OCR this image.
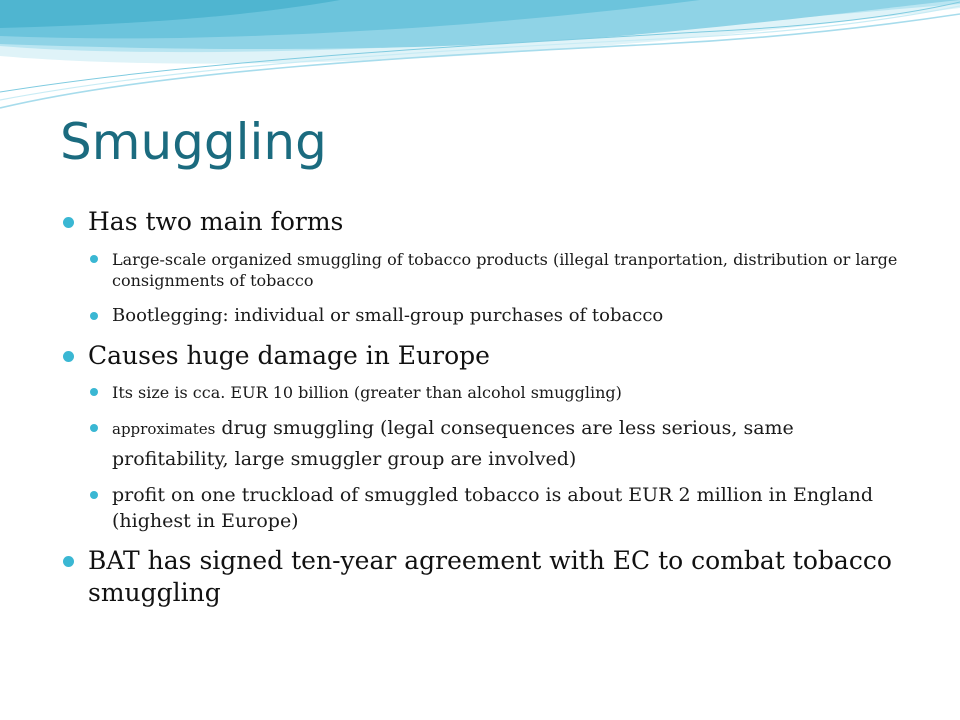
Smuggling
Has two main forms
Large-scale organized smuggling of tobacco products (illegal tranportation, distribution or large consignments of tobacco
Bootlegging: individual or small-group purchases of tobacco
Causes huge damage in Europe
Its size is cca. EUR 10 billion (greater than alcohol smuggling)
approximates drug smuggling (legal consequences are less serious, same profitability, large smuggler group are involved)
profit on one truckload of smuggled tobacco is about EUR 2 million in England (highest in Europe)
BAT has signed ten-year agreement with EC to combat tobacco smuggling
